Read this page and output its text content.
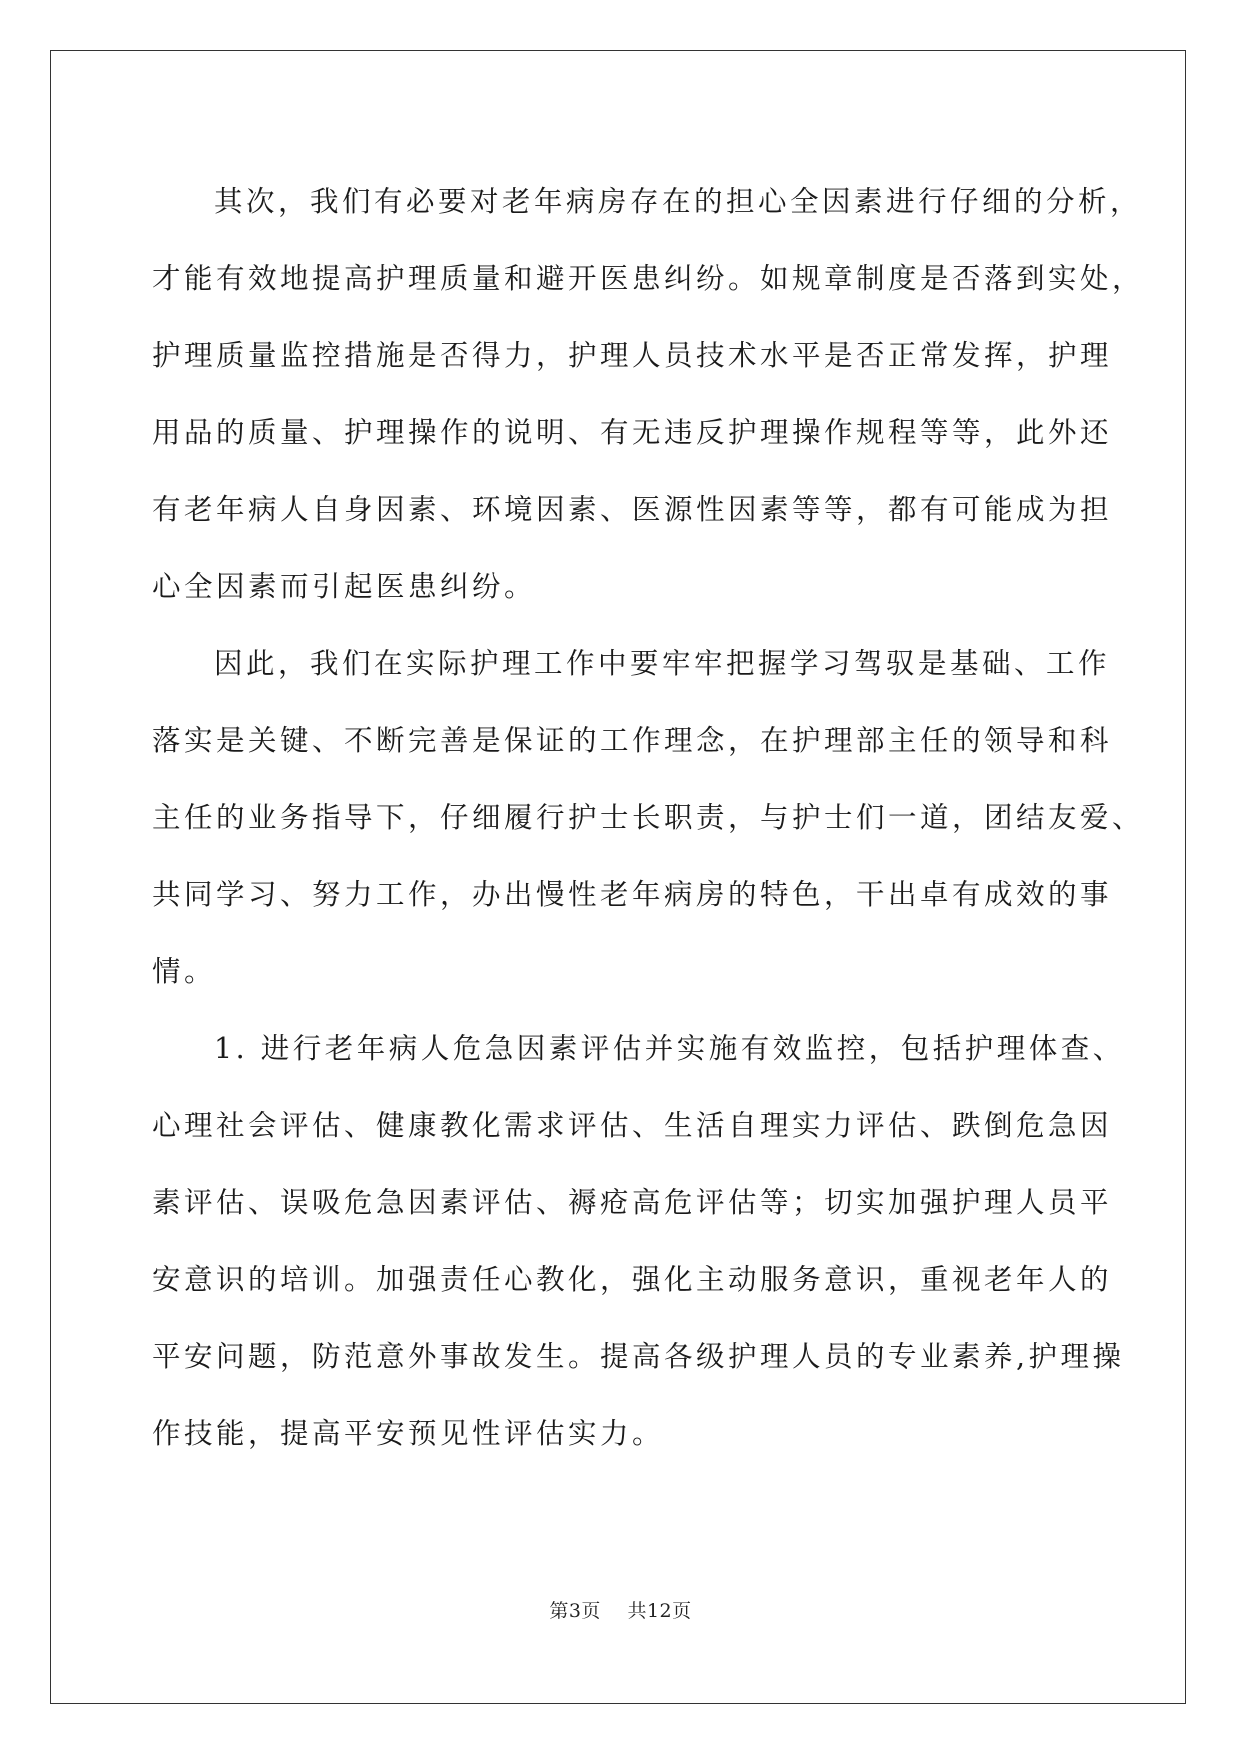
其次，我们有必要对老年病房存在的担心全因素进行仔细的分析，
才能有效地提高护理质量和避开医患纠纷。如规章制度是否落到实处，
护理质量监控措施是否得力，护理人员技术水平是否正常发挥，护理
用品的质量、护理操作的说明、有无违反护理操作规程等等，此外还
有老年病人自身因素、环境因素、医源性因素等等，都有可能成为担
心全因素而引起医患纠纷。

因此，我们在实际护理工作中要牢牢把握学习驾驭是基础、工作
落实是关键、不断完善是保证的工作理念，在护理部主任的领导和科
主任的业务指导下，仔细履行护士长职责，与护士们一道，团结友爱、
共同学习、努力工作，办出慢性老年病房的特色，干出卓有成效的事
情。

1. 进行老年病人危急因素评估并实施有效监控，包括护理体查、
心理社会评估、健康教化需求评估、生活自理实力评估、跌倒危急因
素评估、误吸危急因素评估、褥疮高危评估等；切实加强护理人员平
安意识的培训。加强责任心教化，强化主动服务意识，重视老年人的
平安问题，防范意外事故发生。提高各级护理人员的专业素养,护理操
作技能，提高平安预见性评估实力。

第3页 共12页
